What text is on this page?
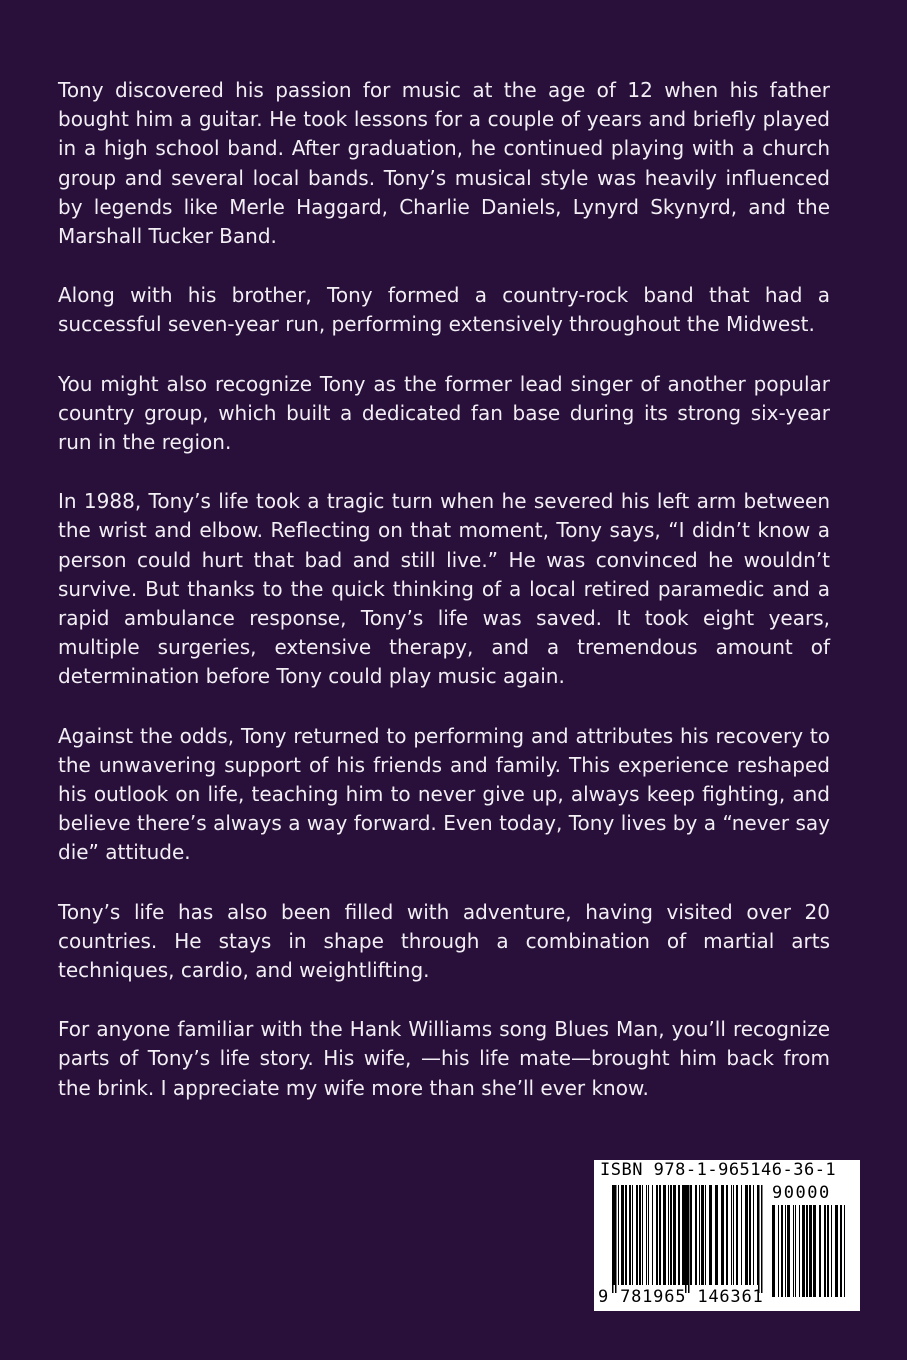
Tony discovered his passion for music at the age of 12 when his father bought him a guitar. He took lessons for a couple of years and briefly played in a high school band. After graduation, he continued playing with a church group and several local bands. Tony’s musical style was heavily influenced by legends like Merle Haggard, Charlie Daniels, Lynyrd Skynyrd, and the Marshall Tucker Band.

Along with his brother, Tony formed a country-rock band that had a successful seven-year run, performing extensively throughout the Midwest.

You might also recognize Tony as the former lead singer of another popular country group, which built a dedicated fan base during its strong six-year run in the region.

In 1988, Tony’s life took a tragic turn when he severed his left arm between the wrist and elbow. Reflecting on that moment, Tony says, “I didn’t know a person could hurt that bad and still live.” He was convinced he wouldn’t survive. But thanks to the quick thinking of a local retired paramedic and a rapid ambulance response, Tony’s life was saved. It took eight years, multiple surgeries, extensive therapy, and a tremendous amount of determination before Tony could play music again.

Against the odds, Tony returned to performing and attributes his recovery to the unwavering support of his friends and family. This experience reshaped his outlook on life, teaching him to never give up, always keep fighting, and believe there’s always a way forward. Even today, Tony lives by a “never say die” attitude.

Tony’s life has also been filled with adventure, having visited over 20 countries. He stays in shape through a combination of martial arts techniques, cardio, and weightlifting.

For anyone familiar with the Hank Williams song Blues Man, you’ll recognize parts of Tony’s life story. His wife, —his life mate—brought him back from the brink. I appreciate my wife more than she’ll ever know.

ISBN 978-1-965146-36-1
90000
9 781965 146361
